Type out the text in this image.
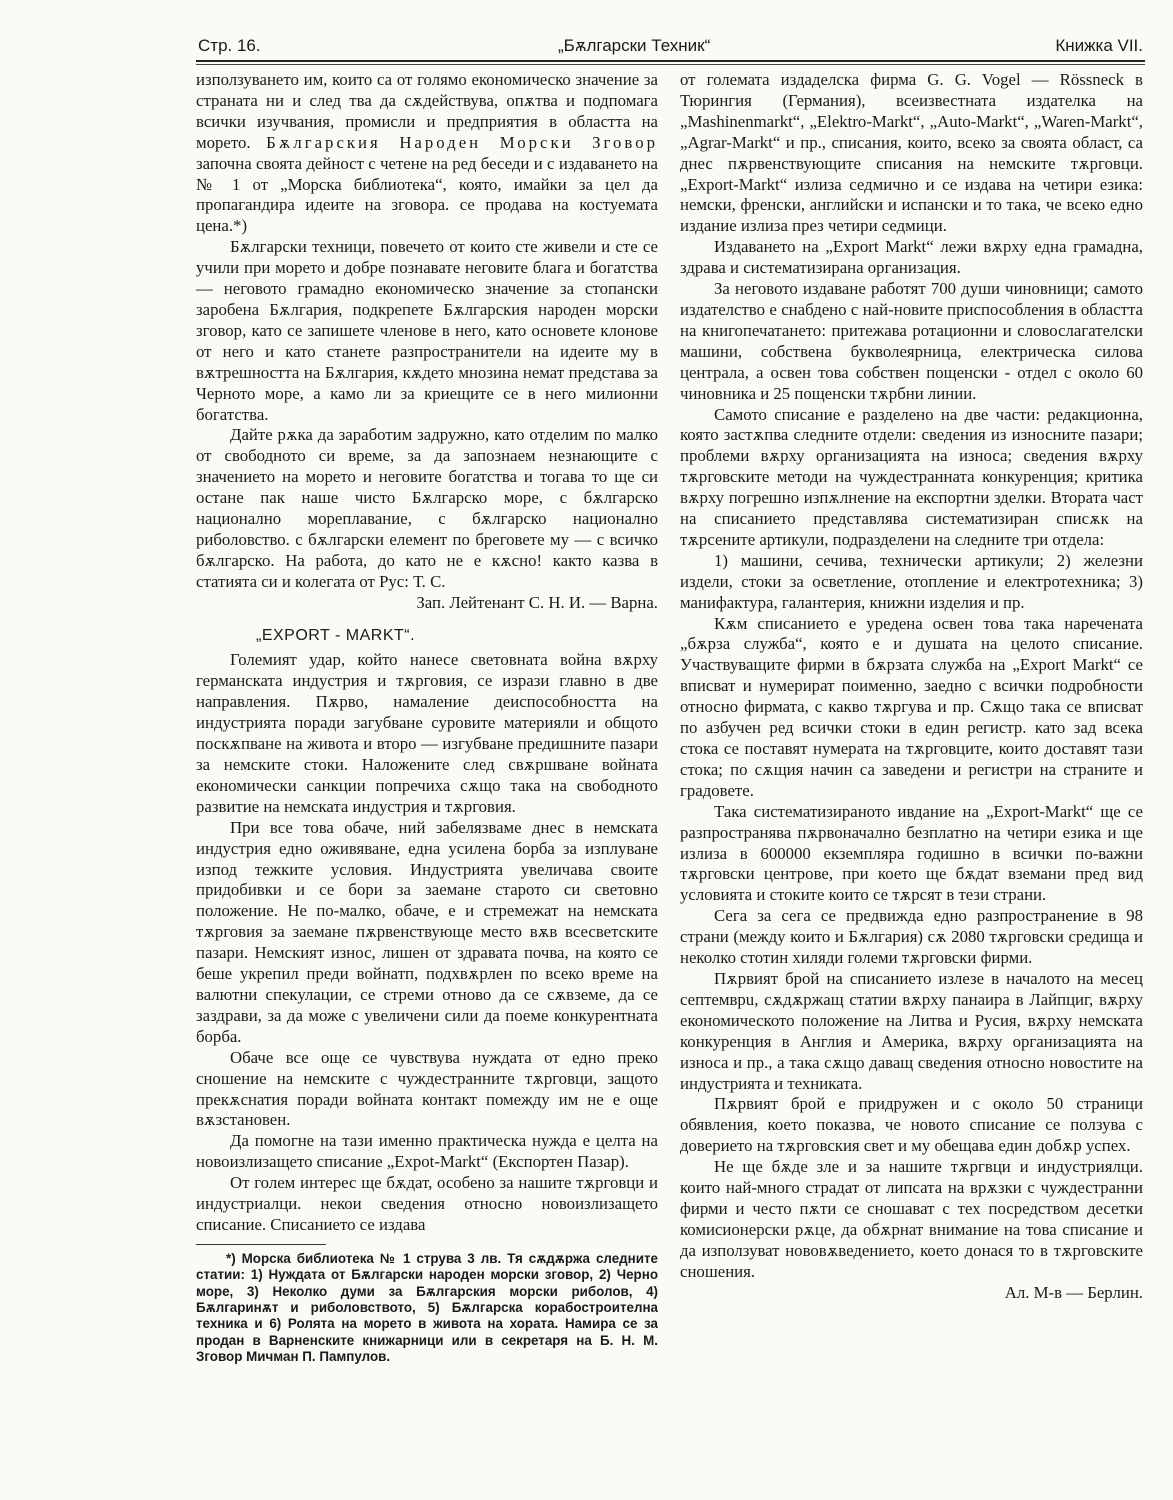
Стр. 16.	„Бѫлгарски Техник“	Книжка VII.

използуването им, които са от голямо економическо значение за страната ни и след тва да сѫдействува, опѫтва и подпомага всички изучвания, промисли и предприятия в областта на морето. Бѫлгарския Народен Морски Зговор започна своята дейност с четене на ред беседи и с издаването на № 1 от „Морска библиотека“, която, имайки за цел да пропагандира идеите на зговора. се продава на костуемата цена.*)

Бѫлгарски техници, повечето от които сте живели и сте се учили при морето и добре познавате неговите блага и богатства — неговото грамадно економическо значение за стопански заробена Бѫлгария, подкрепете Бѫлгарския народен морски зговор, като се запишете членове в него, като основете клонове от него и като станете разпространители на идеите му в вѫтрешността на Бѫлгария, кѫдето мнозина немат представа за Черното море, а камо ли за криещите се в него милионни богатства.

Дайте рѫка да заработим задружно, като отделим по малко от свободното си време, за да запознаем незнающите с значението на морето и неговите богатства и тогава то ще си остане пак наше чисто Бѫлгарско море, с бѫлгарско национално мореплавание, с бѫлгарско национално риболовство. с бѫлгарски елемент по бреговете му — с всичко бѫлгарско. На работа, до като не е кѫсно! както казва в статията си и колегата от Рус: Т. С.

Зап. Лейтенант С. Н. И. — Варна.

„EXPORT - MARKT“.

Големият удар, който нанесе световната война вѫрху германската индустрия и тѫрговия, се изрази главно в две направления. Пѫрво, намаление деиспособността на индустрията поради загубване суровите материяли и общото поскѫпване на живота и второ — изгубване предишните пазари за немските стоки. Наложените след свѫршване войната економически санкции попречиха сѫщо така на свободното развитие на немската индустрия и тѫрговия.

При все това обаче, ний забелязваме днес в немската индустрия едно оживяване, една усилена борба за изплуване изпод тежките условия. Индустрията увеличава своите придобивки и се бори за заемане старото си световно положение. Не по-малко, обаче, е и стремежат на немската тѫрговия за заемане пѫрвенствующе место вѫв всесветските пазари. Немският износ, лишен от здравата почва, на която се беше укрепил преди войнатп, подхвѫрлен по всеко време на валютни спекулации, се стреми отново да се сѫвземе, да се заздрави, за да може с увеличени сили да поеме конкурентната борба.

Обаче все още се чувствува нуждата от едно преко сношение на немските с чуждестранните тѫрговци, защото прекѫснатия поради войната контакт помежду им не е още вѫзстановен.

Да помогне на тази именно практическа нужда е целта на новоизлизащето списание „Expot-Markt“ (Експортен Пазар).

От голем интерес ще бѫдат, особено за нашите тѫрговци и индустриалци. некои сведения относно новоизлизащето списание. Списанието се издава

*) Морска библиотека № 1 струва 3 лв. Тя сѫдѫржа следните статии: 1) Нуждата от Бѫлгарски народен морски зговор, 2) Черно море, 3) Неколко думи за Бѫлгарския морски риболов, 4) Бѫлгаринѫт и риболовството, 5) Бѫлгарска корабостроителна техника и 6) Ролята на морето в живота на хората. Намира се за продан в Варненските книжарници или в секретаря на Б. Н. М. Зговор Мичман П. Пампулов.

от големата издаделска фирма G. G. Vogel — Rössneck в Тюрингия (Германия), всеизвестната издателка на „Mashinenmarkt“, „Elektro-Markt“, „Auto-Markt“, „Waren-Markt“, „Agrar-Markt“ и пр., списания, които, всеко за своята област, са днес пѫрвенствующите списания на немските тѫрговци. „Export-Markt“ излиза седмично и се издава на четири езика: немски, френски, английски и испански и то така, че всеко едно издание излиза през четири седмици.

Издаването на „Export Markt“ лежи вѫрху една грамадна, здрава и систематизирана организация.

За неговото издаване работят 700 души чиновници; самото издателство е снабдено с най-новите приспособления в областта на книгопечатането: притежава ротационни и словослагателски машини, собствена букволеярница, електрическа силова централа, а освен това собствен пощенски - отдел с около 60 чиновника и 25 пощенски тѫрбни линии.

Самото списание е разделено на две части: редакционна, която застѫпва следните отдели: сведения из износните пазари; проблеми вѫрху организацията на износа; сведения вѫрху тѫрговските методи на чуждестранната конкуренция; критика вѫрху погрешно изпѫлнение на експортни зделки. Втората част на списанието представлява систематизиран списѫк на тѫрсените артикули, подразделени на следните три отдела:

1) машини, сечива, технически артикули; 2) железни издели, стоки за осветление, отопление и електротехника; 3) манифактура, галантерия, книжни изделия и пр.

Кѫм списанието е уредена освен това така наречената „бѫрза служба“, която е и душата на целото списание. Участвуващите фирми в бѫрзата служба на „Export Markt“ се вписват и нумерират поименно, заедно с всички подробности относно фирмата, с какво тѫргува и пр. Сѫщо така се вписват по азбучен ред всички стоки в един регистр. като зад всека стока се поставят нумерата на тѫрговците, които доставят тази стока; по сѫщия начин са заведени и регистри на страните и градовете.

Така систематизираното ивдание на „Export-Markt“ ще се разпространява пѫрвоначално безплатно на четири езика и ще излиза в 600000 екземпляра годишно в всички по-важни тѫрговски центрове, при което ще бѫдат вземани пред вид условията и стоките които се тѫрсят в тези страни.

Сега за сега се предвижда едно разпространение в 98 страни (между които и Бѫлгария) сѫ 2080 тѫрговски средища и неколко стотин хиляди големи тѫрговски фирми.

Пѫрвият брой на списанието излезе в началото на месец септемврu, сѫдѫржащ статии вѫрху панаира в Лайпциг, вѫрху економическото положение на Литва и Русия, вѫрху немската конкуренция в Англия и Америка, вѫрху организацията на износа и пр., а така сѫщо даващ сведения относно новостите на индустрията и техниката.

Пѫрвият брой е придружен и с около 50 страници обявления, което показва, че новото списание се ползува с доверието на тѫрговския свет и му обещава един добѫр успех.

Не ще бѫде зле и за нашите тѫргвци и индустриялци. които най-много страдат от липсата на врѫзки с чуждестранни фирми и често пѫти се сношават с тех посредством десетки комисионерски рѫце, да обѫрнат внимание на това списание и да използуват нововѫведението, което донася то в тѫрговските сношения.

Ал. М-в — Берлин.
